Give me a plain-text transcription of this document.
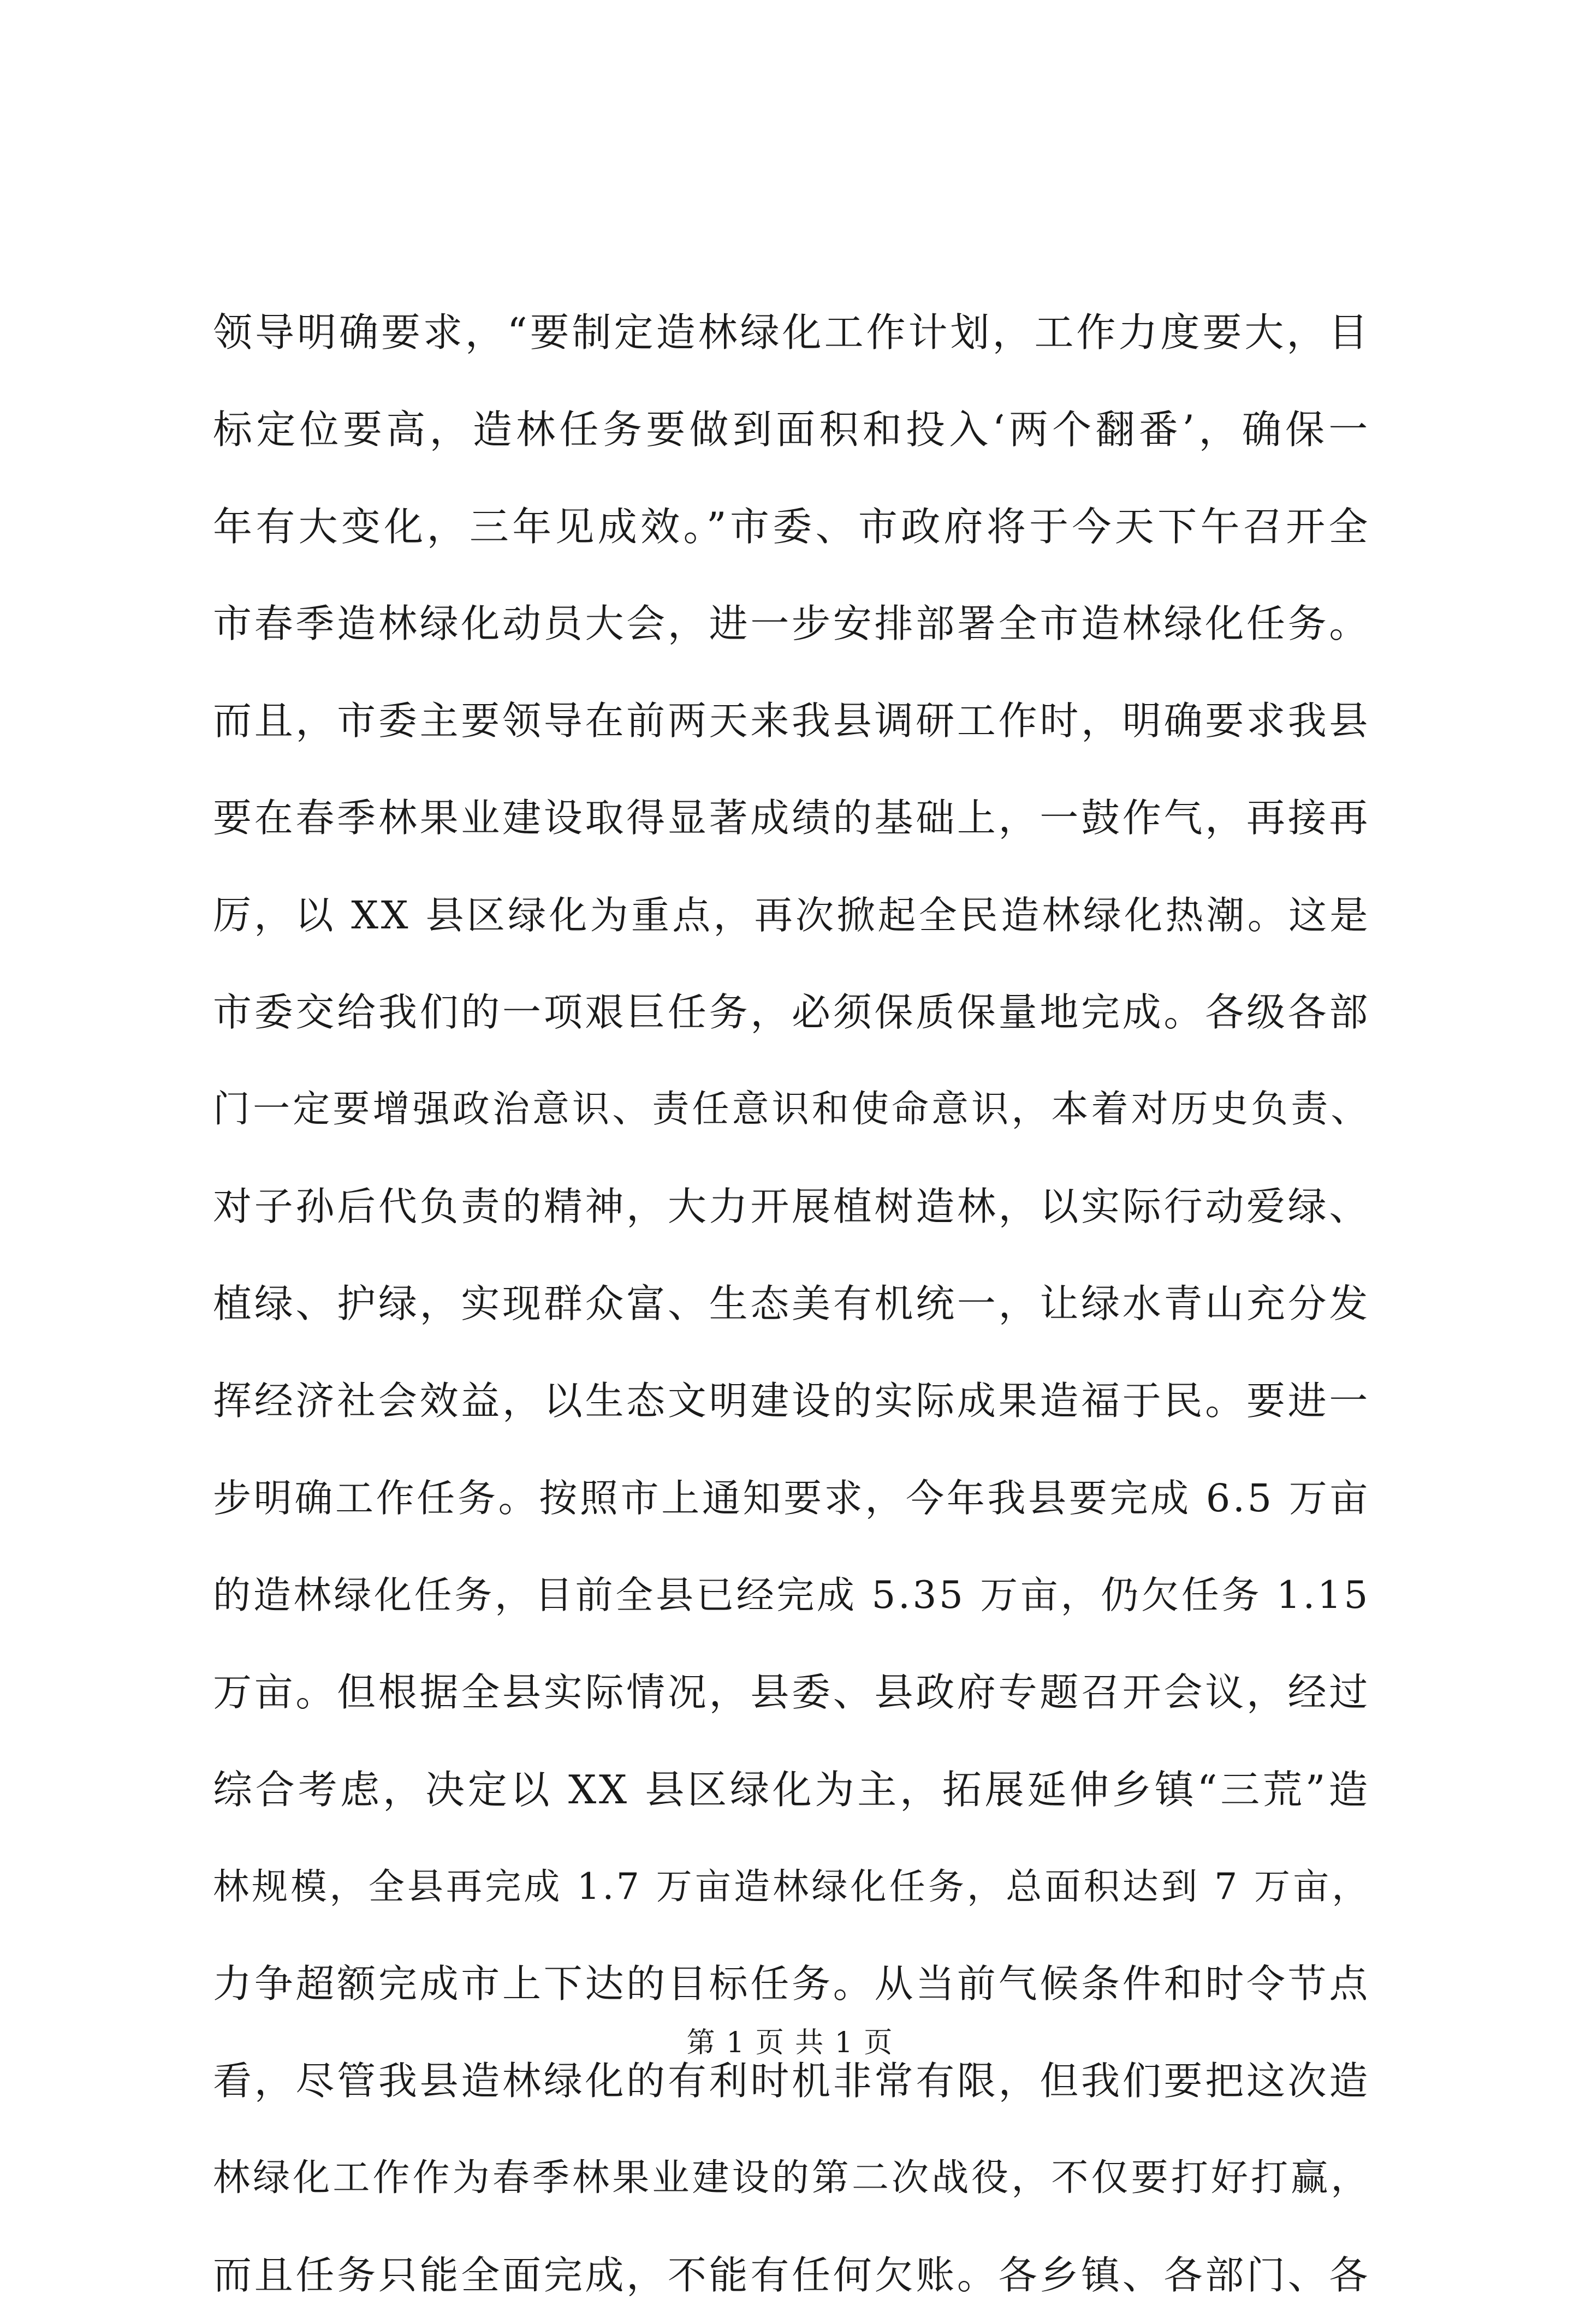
领导明确要求，“要制定造林绿化工作计划，工作力度要大，目
标定位要高，造林任务要做到面积和投入‘两个翻番’，确保一
年有大变化，三年见成效。”市委、市政府将于今天下午召开全
市春季造林绿化动员大会，进一步安排部署全市造林绿化任务。
而且，市委主要领导在前两天来我县调研工作时，明确要求我县
要在春季林果业建设取得显著成绩的基础上，一鼓作气，再接再
厉，以 XX 县区绿化为重点，再次掀起全民造林绿化热潮。这是
市委交给我们的一项艰巨任务，必须保质保量地完成。各级各部
门一定要增强政治意识、责任意识和使命意识，本着对历史负责、
对子孙后代负责的精神，大力开展植树造林，以实际行动爱绿、
植绿、护绿，实现群众富、生态美有机统一，让绿水青山充分发
挥经济社会效益，以生态文明建设的实际成果造福于民。要进一
步明确工作任务。按照市上通知要求，今年我县要完成 6.5 万亩
的造林绿化任务，目前全县已经完成 5.35 万亩，仍欠任务 1.15
万亩。但根据全县实际情况，县委、县政府专题召开会议，经过
综合考虑，决定以 XX 县区绿化为主，拓展延伸乡镇“三荒”造
林规模，全县再完成 1.7 万亩造林绿化任务，总面积达到 7 万亩，
力争超额完成市上下达的目标任务。从当前气候条件和时令节点
看，尽管我县造林绿化的有利时机非常有限，但我们要把这次造
林绿化工作作为春季林果业建设的第二次战役，不仅要打好打赢，
而且任务只能全面完成，不能有任何欠账。各乡镇、各部门、各
第 1 页 共 1 页
